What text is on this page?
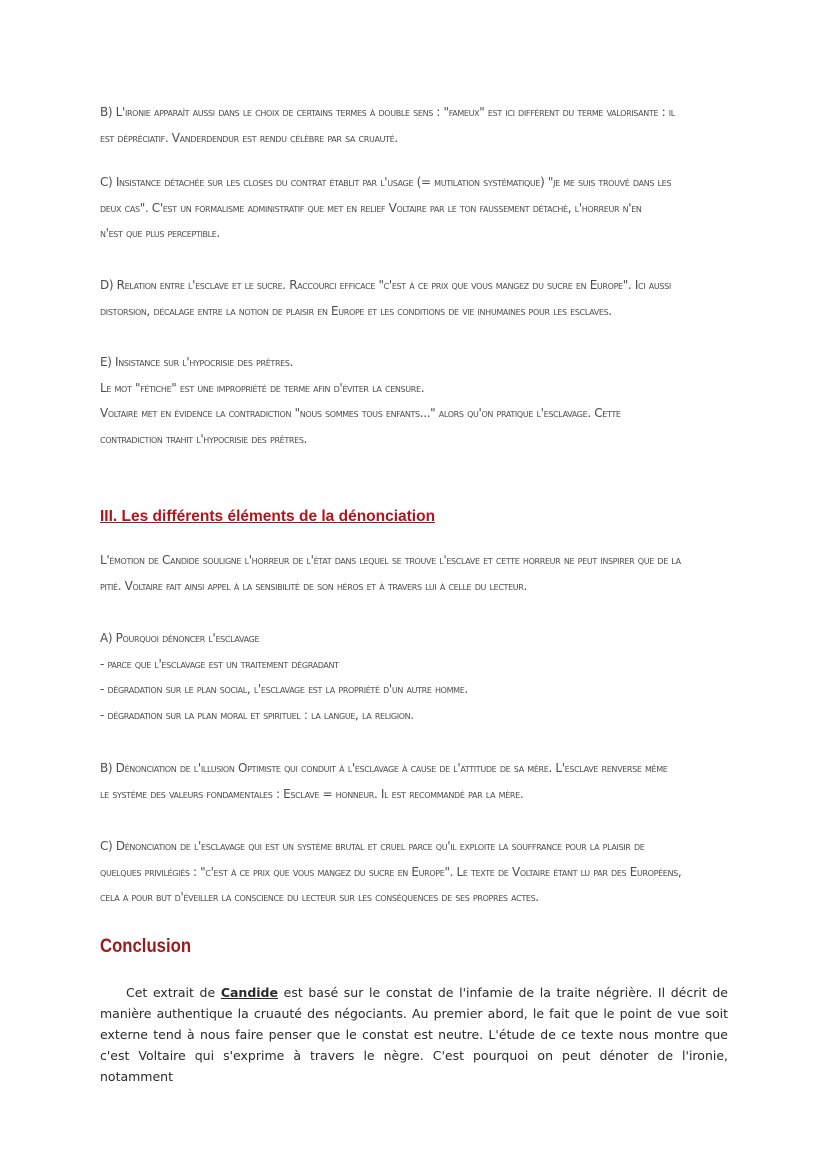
B) L'ironie apparaît aussi dans le choix de certains termes à double sens : "fameux" est ici différent du terme valorisante : il

est dépréciatif. Vanderdendur est rendu célèbre par sa cruauté.

C) Insistance détachée sur les closes du contrat établit par l'usage (= mutilation systématique) "je me suis trouvé dans les

deux cas". C'est un formalisme administratif que met en relief Voltaire par le ton faussement détaché, l'horreur n'en

n'est que plus perceptible.

D) Relation entre l'esclave et le sucre. Raccourci efficace "c'est à ce prix que vous mangez du sucre en Europe". Ici aussi

distorsion, décalage entre la notion de plaisir en Europe et les conditions de vie inhumaines pour les esclaves.

E) Insistance sur l'hypocrisie des prêtres.

Le mot "fétiche" est une impropriété de terme afin d'éviter la censure.

Voltaire met en évidence la contradiction "nous sommes tous enfants..." alors qu'on pratique l'esclavage. Cette

contradiction trahit l'hypocrisie des prêtres.

III. Les différents éléments de la dénonciation

L'émotion de Candide souligne l'horreur de l'état dans lequel se trouve l'esclave et cette horreur ne peut inspirer que de la

pitié. Voltaire fait ainsi appel à la sensibilité de son héros et à travers lui à celle du lecteur.

A) Pourquoi dénoncer l'esclavage

- parce que l'esclavage est un traitement dégradant

- dégradation sur le plan social, l'esclavage est la propriété d'un autre homme.

- dégradation sur la plan moral et spirituel : la langue, la religion.

B) Dénonciation de l'illusion Optimiste qui conduit à l'esclavage à cause de l'attitude de sa mère. L'esclave renverse même

le système des valeurs fondamentales : Esclave = honneur. Il est recommandé par la mère.

C) Dénonciation de l'esclavage qui est un système brutal et cruel parce qu'il exploite la souffrance pour la plaisir de

quelques privilégiés : "c'est à ce prix que vous mangez du sucre en Europe". Le texte de Voltaire étant lu par des Européens,

cela a pour but d'éveiller la conscience du lecteur sur les conséquences de ses propres actes.

Conclusion

Cet extrait de Candide est basé sur le constat de l'infamie de la traite négrière. Il décrit de manière authentique la cruauté des négociants. Au premier abord, le fait que le point de vue soit externe tend à nous faire penser que le constat est neutre. L'étude de ce texte nous montre que c'est Voltaire qui s'exprime à travers le nègre. C'est pourquoi on peut dénoter de l'ironie, notamment
